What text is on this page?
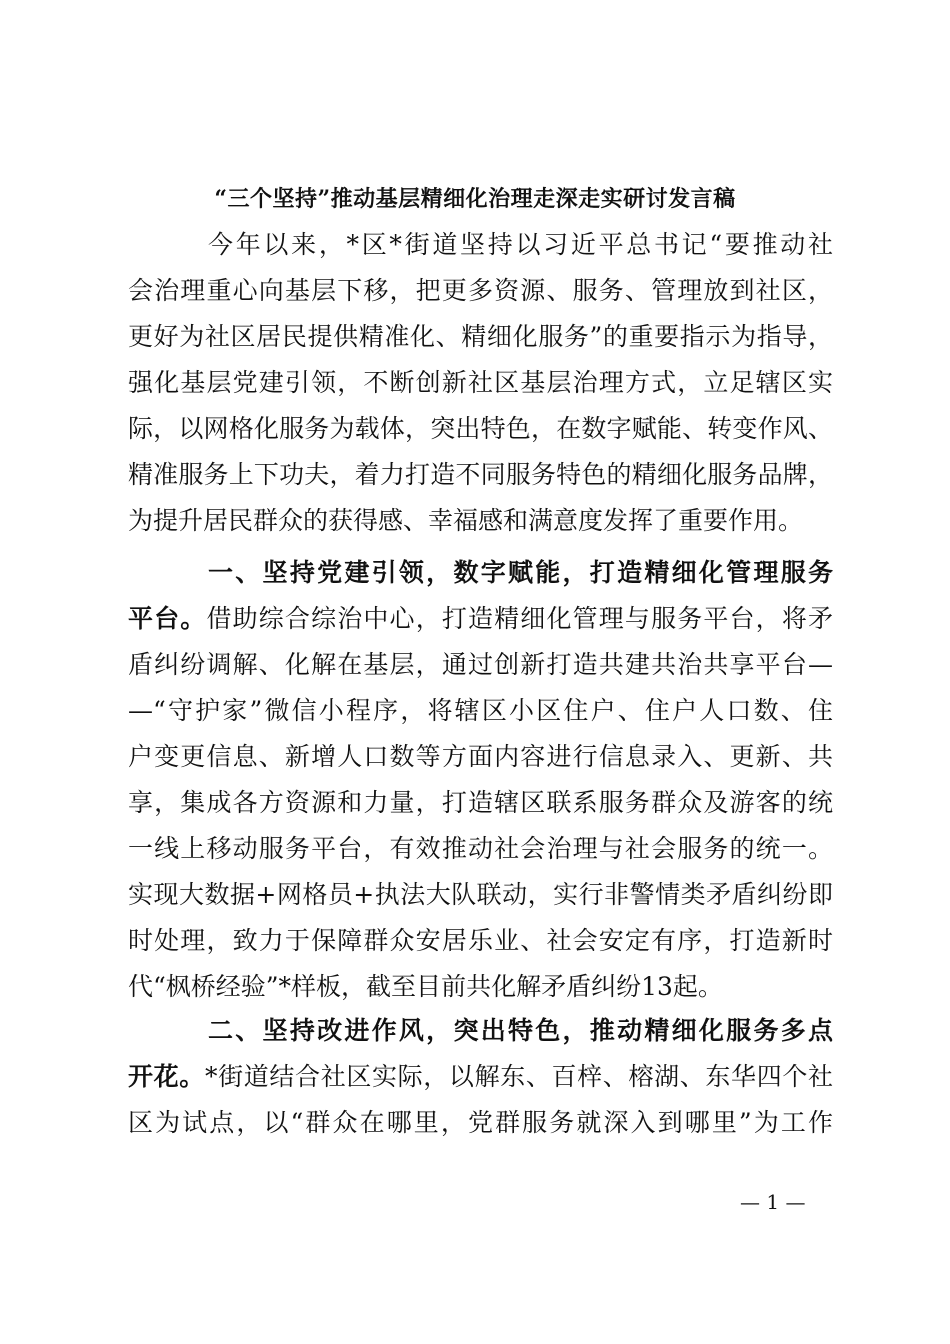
“三个坚持”推动基层精细化治理走深走实研讨发言稿
今年以来，*区*街道坚持以习近平总书记“要推动社
会治理重心向基层下移，把更多资源、服务、管理放到社区，
更好为社区居民提供精准化、精细化服务”的重要指示为指导，
强化基层党建引领，不断创新社区基层治理方式，立足辖区实
际，以网格化服务为载体，突出特色，在数字赋能、转变作风、
精准服务上下功夫，着力打造不同服务特色的精细化服务品牌，
为提升居民群众的获得感、幸福感和满意度发挥了重要作用。
一、坚持党建引领，数字赋能，打造精细化管理服务
平台。借助综合综治中心，打造精细化管理与服务平台，将矛
盾纠纷调解、化解在基层，通过创新打造共建共治共享平台—
—“守护家”微信小程序，将辖区小区住户、住户人口数、住
户变更信息、新增人口数等方面内容进行信息录入、更新、共
享，集成各方资源和力量，打造辖区联系服务群众及游客的统
一线上移动服务平台，有效推动社会治理与社会服务的统一。
实现大数据+网格员+执法大队联动，实行非警情类矛盾纠纷即
时处理，致力于保障群众安居乐业、社会安定有序，打造新时
代“枫桥经验”*样板，截至目前共化解矛盾纠纷13起。
二、坚持改进作风，突出特色，推动精细化服务多点
开花。*街道结合社区实际，以解东、百梓、榕湖、东华四个社
区为试点，以“群众在哪里，党群服务就深入到哪里”为工作
— 1 —
